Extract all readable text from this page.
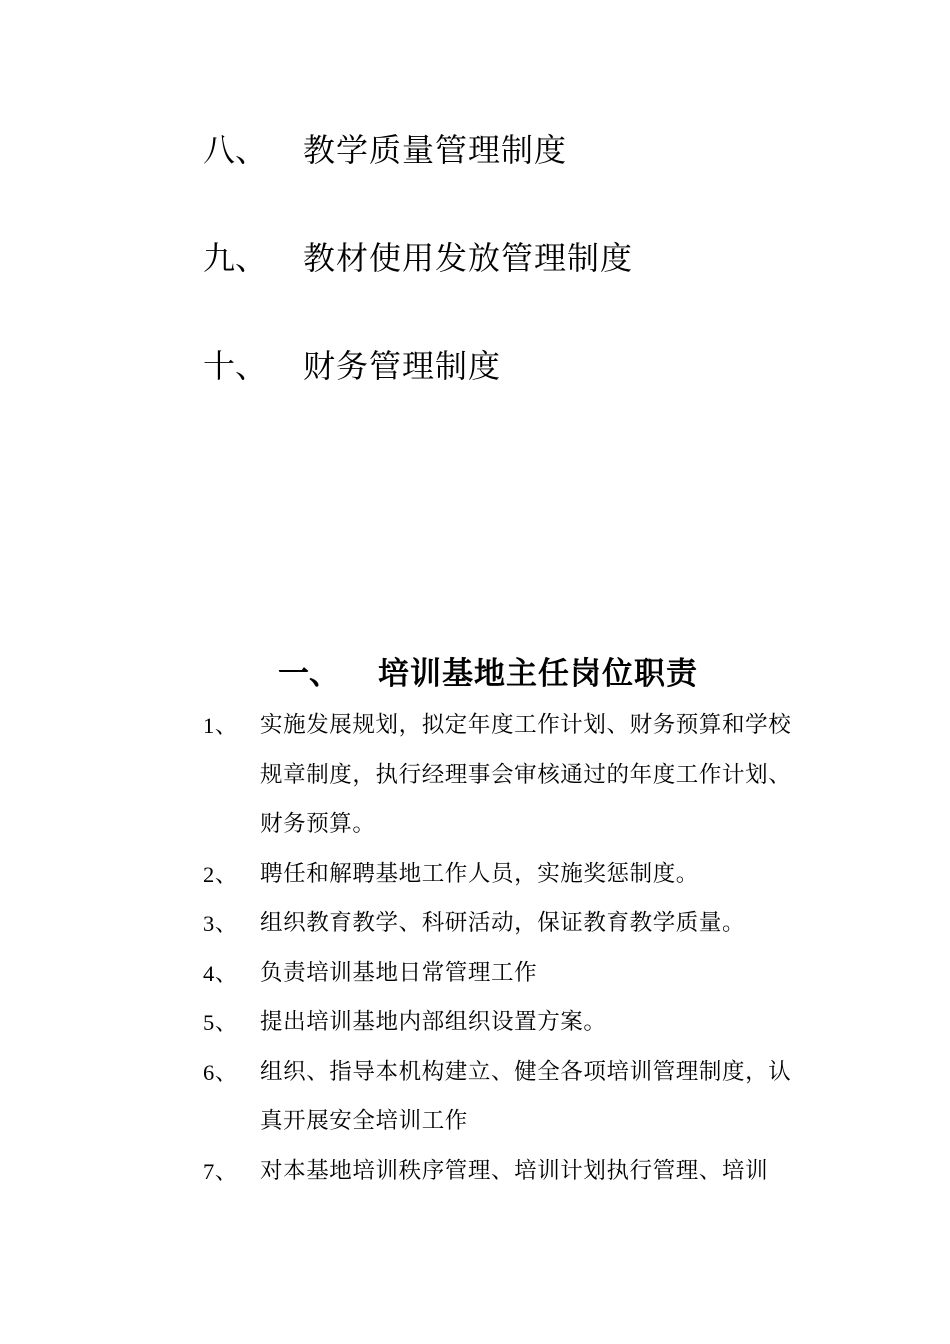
八、 教学质量管理制度
九、 教材使用发放管理制度
十、 财务管理制度
一、 培训基地主任岗位职责
1、 实施发展规划，拟定年度工作计划、财务预算和学校规章制度，执行经理事会审核通过的年度工作计划、财务预算。
2、 聘任和解聘基地工作人员，实施奖惩制度。
3、 组织教育教学、科研活动，保证教育教学质量。
4、 负责培训基地日常管理工作
5、 提出培训基地内部组织设置方案。
6、 组织、指导本机构建立、健全各项培训管理制度，认真开展安全培训工作
7、 对本基地培训秩序管理、培训计划执行管理、培训
